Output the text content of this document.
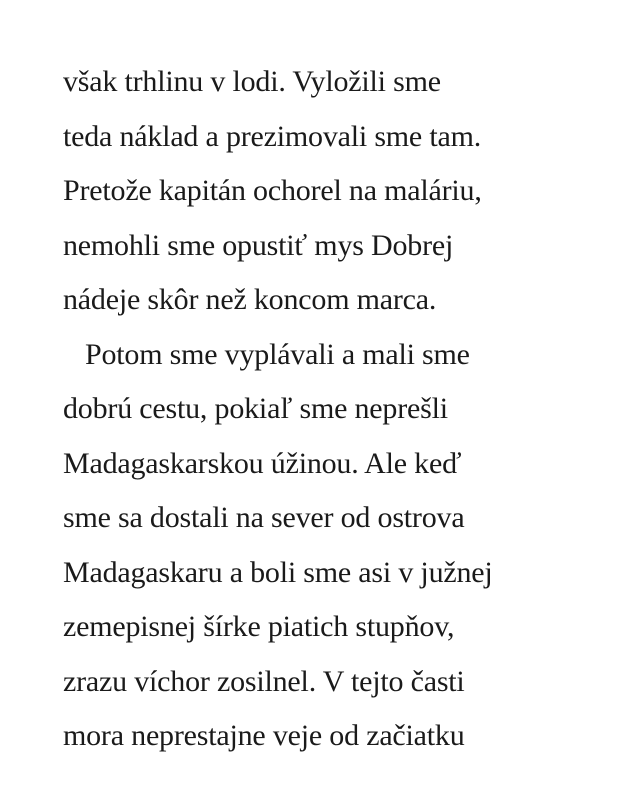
však trhlinu v lodi. Vyložili sme
teda náklad a prezimovali sme tam.
Pretože kapitán ochorel na maláriu,
nemohli sme opustiť mys Dobrej
nádeje skôr než koncom marca.
Potom sme vyplávali a mali sme
dobrú cestu, pokiaľ sme neprešli
Madagaskarskou úžinou. Ale keď
sme sa dostali na sever od ostrova
Madagaskaru a boli sme asi v južnej
zemepisnej šírke piatich stupňov,
zrazu víchor zosilnel. V tejto časti
mora neprestajne veje od začiatku
